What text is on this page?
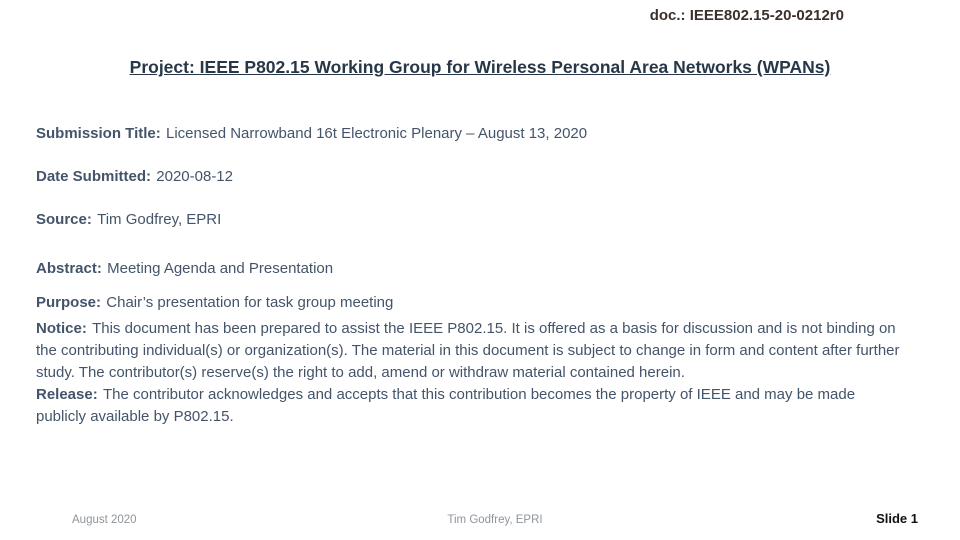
doc.: IEEE802.15-20-0212r0
Project: IEEE P802.15 Working Group for Wireless Personal Area Networks (WPANs)

Submission Title: Licensed Narrowband 16t Electronic Plenary – August 13, 2020

Date Submitted: 2020-08-12

Source: Tim Godfrey, EPRI

Abstract: Meeting Agenda and Presentation

Purpose: Chair’s presentation for task group meeting

Notice: This document has been prepared to assist the IEEE P802.15. It is offered as a basis for discussion and is not binding on the contributing individual(s) or organization(s). The material in this document is subject to change in form and content after further study. The contributor(s) reserve(s) the right to add, amend or withdraw material contained herein.

Release: The contributor acknowledges and accepts that this contribution becomes the property of IEEE and may be made publicly available by P802.15.

August 2020	Tim Godfrey, EPRI	Slide 1
